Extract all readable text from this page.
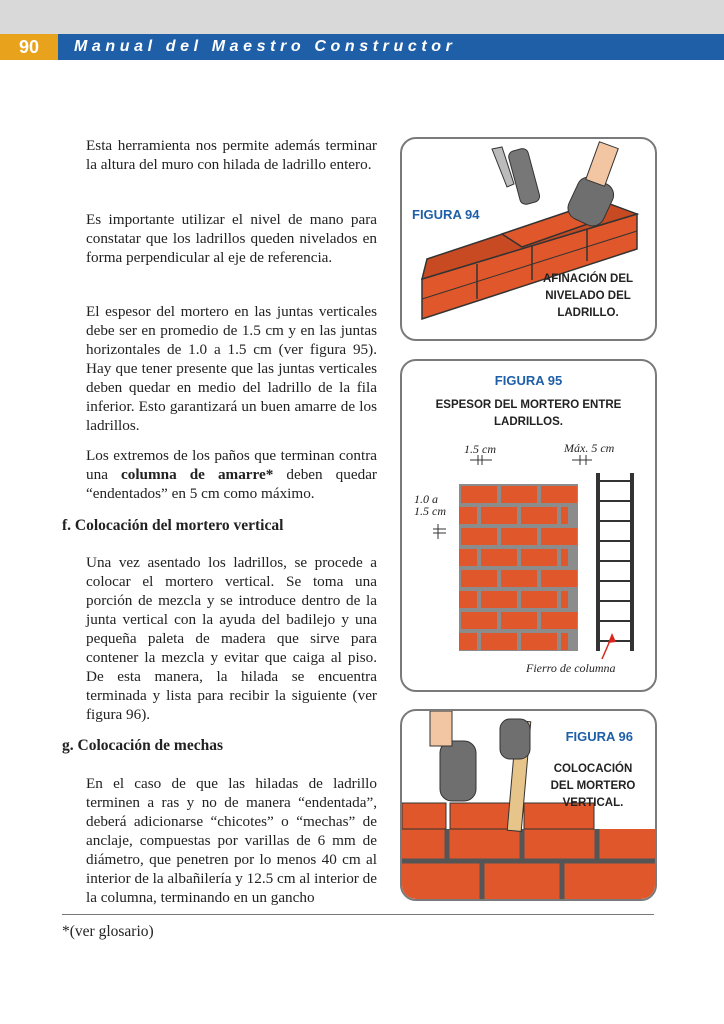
90	Manual del Maestro Constructor

Esta herramienta nos permite además terminar la altura del muro con hilada de ladrillo entero.

Es importante utilizar el nivel de mano para constatar que los ladrillos queden nivelados en forma perpendicular al eje de referencia.

El espesor del mortero en las juntas verticales debe ser en promedio de 1.5 cm y en las juntas horizontales de 1.0 a 1.5 cm (ver figura 95). Hay que tener presente que las juntas verticales deben quedar en medio del ladrillo de la fila inferior. Esto garantizará un buen amarre de los ladrillos.

Los extremos de los paños que terminan contra una columna de amarre* deben quedar “endentados” en 5 cm como máximo.

f. Colocación del mortero vertical

Una vez asentado los ladrillos, se procede a colocar el mortero vertical. Se toma una porción de mezcla y se introduce dentro de la junta vertical con la ayuda del badilejo y una pequeña paleta de madera que sirve para contener la mezcla y evitar que caiga al piso. De esta manera, la hilada se encuentra terminada y lista para recibir la siguiente (ver figura 96).

g. Colocación de mechas

En el caso de que las hiladas de ladrillo terminen a ras y no de manera “endentada”, deberá adicionarse “chicotes” o “mechas” de anclaje, compuestas por varillas de 6 mm de diámetro, que penetren por lo menos 40 cm al interior de la albañilería y 12.5 cm al interior de la columna, terminando en un gancho

*(ver glosario)
FIGURA 94
AFINACIÓN DEL
NIVELADO DEL
LADRILLO.
FIGURA 95
ESPESOR DEL MORTERO ENTRE
LADRILLOS.
1.5 cm	Máx. 5 cm
1.0 a
1.5 cm
Fierro de columna
FIGURA 96
COLOCACIÓN
DEL MORTERO
VERTICAL.
